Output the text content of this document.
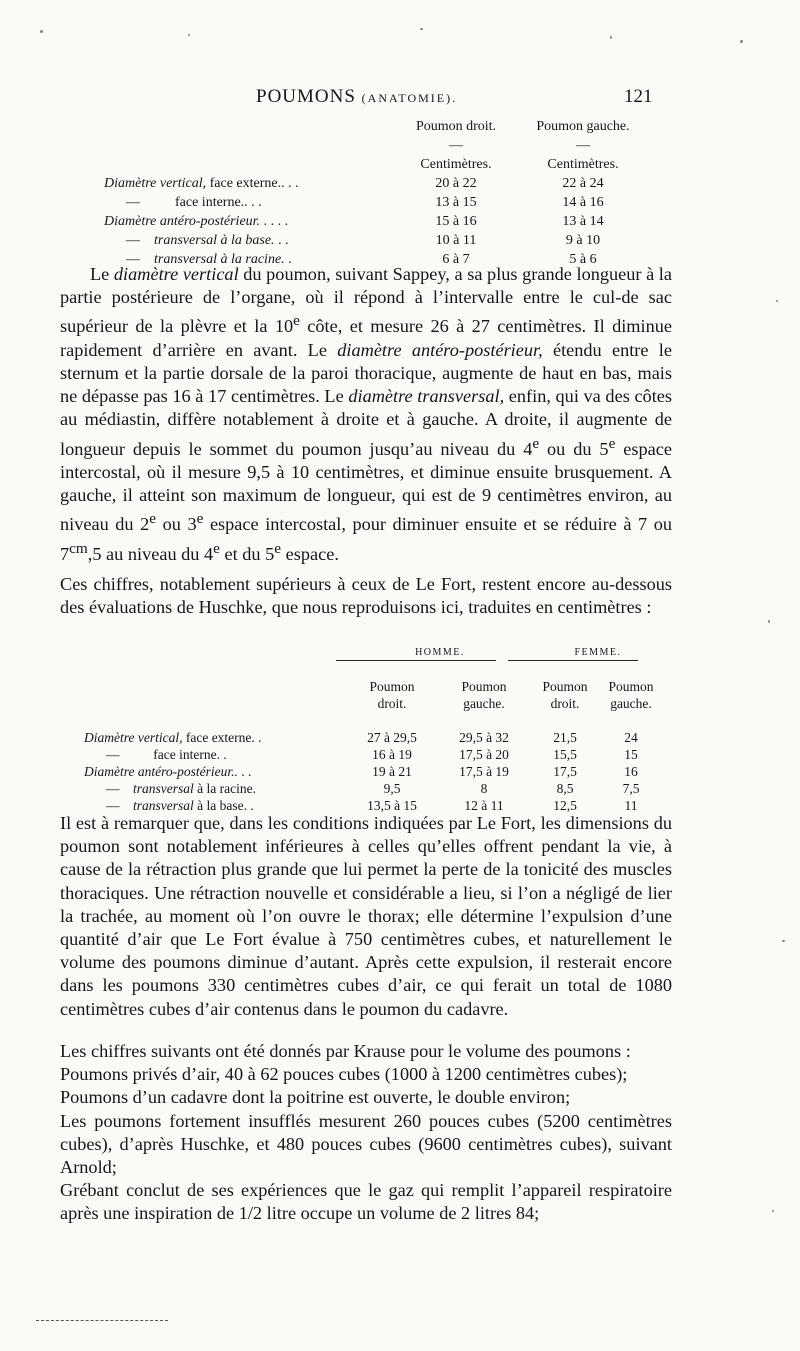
POUMONS (ANATOMIE).	121
	Poumon droit.	Poumon gauche.
	—	—
	Centimètres.	Centimètres.
Diamètre vertical, face externe.. . .	20 à 22	22 à 24
— face interne.. . .	13 à 15	14 à 16
Diamètre antéro-postérieur. . . . .	15 à 16	13 à 14
— transversal à la base. . .	10 à 11	9 à 10
— transversal à la racine. .	6 à 7	5 à 6

Le diamètre vertical du poumon, suivant Sappey, a sa plus grande longueur à la partie postérieure de l’organe, où il répond à l’intervalle entre le cul-de sac supérieur de la plèvre et la 10e côte, et mesure 26 à 27 centimètres. Il diminue rapidement d’arrière en avant. Le diamètre antéro-postérieur, étendu entre le sternum et la partie dorsale de la paroi thoracique, augmente de haut en bas, mais ne dépasse pas 16 à 17 centimètres. Le diamètre transversal, enfin, qui va des côtes au médiastin, diffère notablement à droite et à gauche. A droite, il augmente de longueur depuis le sommet du poumon jusqu’au niveau du 4e ou du 5e espace intercostal, où il mesure 9,5 à 10 centimètres, et diminue ensuite brusquement. A gauche, il atteint son maximum de longueur, qui est de 9 centimètres environ, au niveau du 2e ou 3e espace intercostal, pour diminuer ensuite et se réduire à 7 ou $7^{cm},5$ au niveau du 4e et du 5e espace.

Ces chiffres, notablement supérieurs à ceux de Le Fort, restent encore au-dessous des évaluations de Huschke, que nous reproduisons ici, traduites en centimètres :

	HOMME.		FEMME.	

	Poumon	Poumon	Poumon	Poumon
	droit.	gauche.	droit.	gauche.

Diamètre vertical, face externe. .	27 à 29,5	29,5 à 32	21,5	24
— face interne. .	16 à 19	17,5 à 20	15,5	15
Diamètre antéro-postérieur.. . .	19 à 21	17,5 à 19	17,5	16
— transversal à la racine.	9,5	8	8,5	7,5
— transversal à la base. .	13,5 à 15	12 à 11	12,5	11

Il est à remarquer que, dans les conditions indiquées par Le Fort, les dimensions du poumon sont notablement inférieures à celles qu’elles offrent pendant la vie, à cause de la rétraction plus grande que lui permet la perte de la tonicité des muscles thoraciques. Une rétraction nouvelle et considérable a lieu, si l’on a négligé de lier la trachée, au moment où l’on ouvre le thorax; elle détermine l’expulsion d’une quantité d’air que Le Fort évalue à 750 centimètres cubes, et naturellement le volume des poumons diminue d’autant. Après cette expulsion, il resterait encore dans les poumons 330 centimètres cubes d’air, ce qui ferait un total de 1080 centimètres cubes d’air contenus dans le poumon du cadavre.

Les chiffres suivants ont été donnés par Krause pour le volume des poumons :

Poumons privés d’air, 40 à 62 pouces cubes (1000 à 1200 centimètres cubes);

Poumons d’un cadavre dont la poitrine est ouverte, le double environ;

Les poumons fortement insufflés mesurent 260 pouces cubes (5200 centimètres cubes), d’après Huschke, et 480 pouces cubes (9600 centimètres cubes), suivant Arnold;

Grébant conclut de ses expériences que le gaz qui remplit l’appareil respiratoire après une inspiration de 1/2 litre occupe un volume de 2 litres 84;
